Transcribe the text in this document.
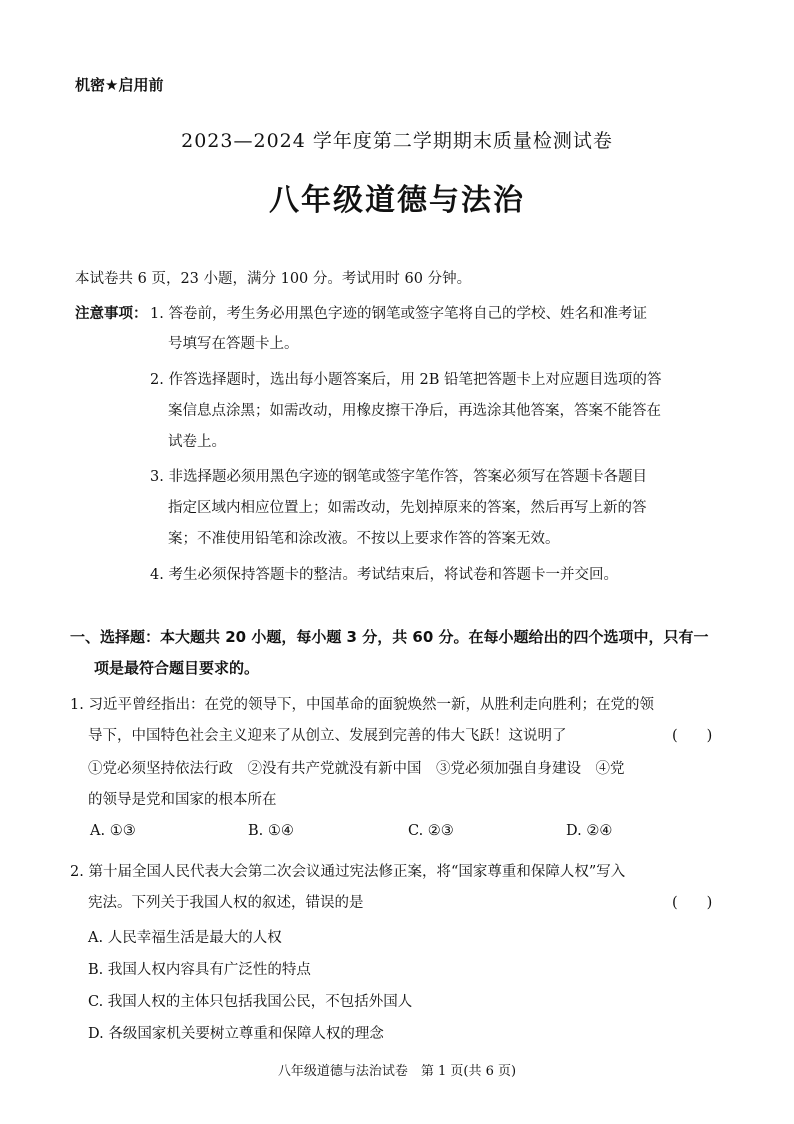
机密★启用前
2023—2024 学年度第二学期期末质量检测试卷
八年级道德与法治
本试卷共 6 页，23 小题，满分 100 分。考试用时 60 分钟。
注意事项： 1. 答卷前，考生务必用黑色字迹的钢笔或签字笔将自己的学校、姓名和准考证
号填写在答题卡上。
2. 作答选择题时，选出每小题答案后，用 2B 铅笔把答题卡上对应题目选项的答
案信息点涂黑；如需改动，用橡皮擦干净后，再选涂其他答案，答案不能答在
试卷上。
3. 非选择题必须用黑色字迹的钢笔或签字笔作答，答案必须写在答题卡各题目
指定区域内相应位置上；如需改动，先划掉原来的答案，然后再写上新的答
案；不准使用铅笔和涂改液。不按以上要求作答的答案无效。
4. 考生必须保持答题卡的整洁。考试结束后，将试卷和答题卡一并交回。
一、选择题：本大题共 20 小题，每小题 3 分，共 60 分。在每小题给出的四个选项中，只有一
项是最符合题目要求的。
1. 习近平曾经指出：在党的领导下，中国革命的面貌焕然一新，从胜利走向胜利；在党的领
导下，中国特色社会主义迎来了从创立、发展到完善的伟大飞跃！这说明了	(　　)
①党必须坚持依法行政　②没有共产党就没有新中国　③党必须加强自身建设　④党
的领导是党和国家的根本所在
A. ①③	B. ①④	C. ②③	D. ②④
2. 第十届全国人民代表大会第二次会议通过宪法修正案，将“国家尊重和保障人权”写入
宪法。下列关于我国人权的叙述，错误的是	(　　)
A. 人民幸福生活是最大的人权
B. 我国人权内容具有广泛性的特点
C. 我国人权的主体只包括我国公民，不包括外国人
D. 各级国家机关要树立尊重和保障人权的理念
八年级道德与法治试卷　第 1 页(共 6 页)
